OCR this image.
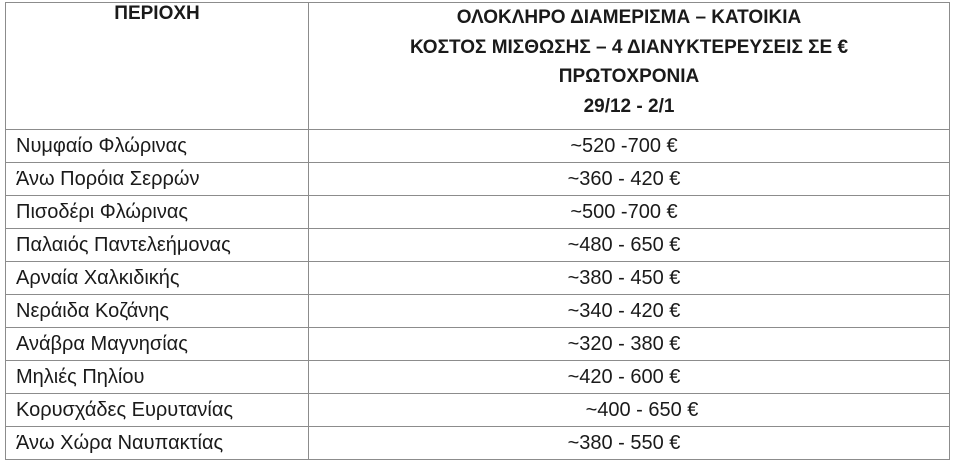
ΠΕΡΙΟΧΗ	ΟΛΟΚΛΗΡΟ ΔΙΑΜΕΡΙΣΜΑ – ΚΑΤΟΙΚΙΑ
ΚΟΣΤΟΣ ΜΙΣΘΩΣΗΣ – 4 ΔΙΑΝΥΚΤΕΡΕΥΣΕΙΣ ΣΕ €
ΠΡΩΤΟΧΡΟΝΙΑ
29/12 - 2/1

Νυμφαίο Φλώρινας	~520 -700 €
Άνω Πορόια Σερρών	~360 - 420 €
Πισοδέρι Φλώρινας	~500 -700 €
Παλαιός Παντελεήμονας	~480 - 650 €
Αρναία Χαλκιδικής	~380 - 450 €
Νεράιδα Κοζάνης	~340 - 420 €
Ανάβρα Μαγνησίας	~320 - 380 €
Μηλιές Πηλίου	~420 - 600 €
Κορυσχάδες Ευρυτανίας	~400 - 650 €
Άνω Χώρα Ναυπακτίας	~380 - 550 €
